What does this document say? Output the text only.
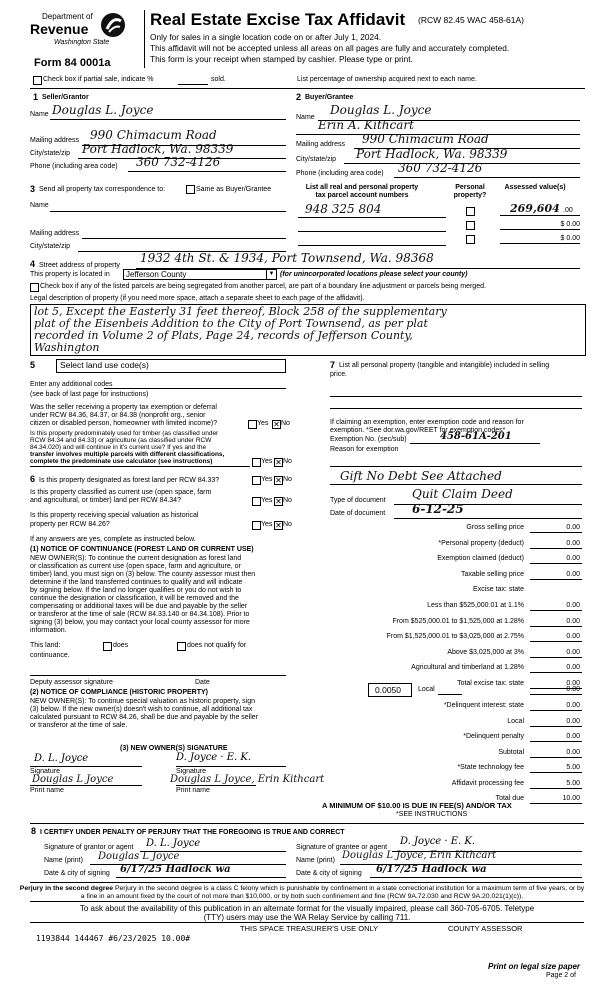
Department of
Revenue
Washington State
Form 84 0001a
Real Estate Excise Tax Affidavit (RCW 82.45 WAC 458-61A)
Only for sales in a single location code on or after July 1, 2024.
This affidavit will not be accepted unless all areas on all pages are fully and accurately completed.
This form is your receipt when stamped by cashier. Please type or print.
Check box if partial sale, indicate %	sold.	List percentage of ownership acquired next to each name.
1 Seller/Grantor
Name Douglas L. Joyce
Mailing address 990 Chimacum Road
City/state/zip Port Hadlock, Wa. 98339
Phone (including area code) 360 732-4126
2 Buyer/Grantee
Name
Douglas L. Joyce
Erin A. Kithcart
Mailing address 990 Chimacum Road
City/state/zip Port Hadlock, Wa. 98339
Phone (including area code) 360 732-4126
3 Send all property tax correspondence to:	Same as Buyer/Grantee
Name
Mailing address
City/state/zip
List all real and personal property tax parcel account numbers
Personal property?
Assessed value(s)
948 325 804	269,604 .00
$ 0.00
$ 0.00
4 Street address of property
1932 4th St. & 1934, Port Townsend, Wa. 98368
This property is located in Jefferson County	▼ (for unincorporated locations please select your county)
Check box if any of the listed parcels are being segregated from another parcel, are part of a boundary line adjustment or parcels being merged.
Legal description of property (if you need more space, attach a separate sheet to each page of the affidavit).
lot 5, Except the Easterly 31 feet thereof, Block 258 of the supplementary
plat of the Eisenbeis Addition to the City of Port Townsend, as per plat
recorded in Volume 2 of Plats, Page 24, records of Jefferson County,
Washington
5	Select land use code(s)
Enter any additional codes
(see back of last page for instructions)
Was the seller receiving a property tax exemption or deferral
under RCW 84.36, 84.37, or 84.38 (nonprofit org., senior
citizen or disabled person, homeowner with limited income)?	Yes ✕ No
Is this property predominately used for timber (as classified under
RCW 84.34 and 84.33) or agriculture (as classified under RCW
84.34.020) and will continue in it's current use? If yes and the
transfer involves multiple parcels with different classifications,
complete the predominate use calculator (see instructions)	Yes ✕ No
6 Is this property designated as forest land per RCW 84.33?	Yes ✕ No
Is this property classified as current use (open space, farm
and agricultural, or timber) land per RCW 84.34?	Yes ✕ No
Is this property receiving special valuation as historical
property per RCW 84.26?	Yes ✕ No
If any answers are yes, complete as instructed below.
(1) NOTICE OF CONTINUANCE (FOREST LAND OR CURRENT USE)
NEW OWNER(S): To continue the current designation as forest land
or classification as current use (open space, farm and agriculture, or
timber) land, you must sign on (3) below. The county assessor must then
determine if the land transferred continues to qualify and will indicate
by signing below. If the land no longer qualifies or you do not wish to
continue the designation or classification, it will be removed and the
compensating or additional taxes will be due and payable by the seller
or transferor at the time of sale (RCW 84.33.140 or 84.34.108). Prior to
signing (3) below, you may contact your local county assessor for more
information.
This land:	does	does not qualify for
continuance.
Deputy assessor signature	Date
(2) NOTICE OF COMPLIANCE (HISTORIC PROPERTY)
NEW OWNER(S): To continue special valuation as historic property, sign
(3) below. If the new owner(s) doesn't wish to continue, all additional tax
calculated pursuant to RCW 84.26, shall be due and payable by the seller
or transferor at the time of sale.
(3) NEW OWNER(S) SIGNATURE
D. L. Joyce	D. Joyce · E. K.
Signature	Signature
Douglas L Joyce	Douglas L Joyce, Erin Kithcart
Print name	Print name
7 List all personal property (tangible and intangible) included in selling
price.
If claiming an exemption, enter exemption code and reason for
exemption. *See dor.wa.gov/REET for exemption codes*
Exemption No. (sec/sub)	458-61A-201
Reason for exemption
Gift No Debt See Attached
Type of document Quit Claim Deed
Date of document 6-12-25
Gross selling price	0.00
*Personal property (deduct)	0.00
Exemption claimed (deduct)	0.00
Taxable selling price	0.00
Excise tax: state
Less than $525,000.01 at 1.1%	0.00
From $525,000.01 to $1,525,000 at 1.28%	0.00
From $1,525,000.01 to $3,025,000 at 2.75%	0.00
Above $3,025,000 at 3%	0.00
Agricultural and timberland at 1.28%	0.00
Total excise tax: state	0.00
0.0050 Local	0.00
*Delinquent interest: state	0.00
Local	0.00
*Delinquent penalty	0.00
Subtotal	0.00
*State technology fee	5.00
Affidavit processing fee	5.00
Total due	10.00
A MINIMUM OF $10.00 IS DUE IN FEE(S) AND/OR TAX
*SEE INSTRUCTIONS
8 I CERTIFY UNDER PENALTY OF PERJURY THAT THE FOREGOING IS TRUE AND CORRECT
Signature of grantor or agent D. L. Joyce
Name (print) Douglas L Joyce
Date & city of signing 6/17/25 Hadlock wa
Signature of grantee or agent
D. Joyce · E. K.
Name (print) Douglas L Joyce, Erin Kithcart
Date & city of signing 6/17/25 Hadlock wa
Perjury in the second degree Perjury in the second degree is a class C felony which is punishable by confinement in a state correctional institution for a maximum term of five years, or by
a fine in an amount fixed by the court of not more than $10,000, or by both such confinement and fine (RCW 9A.72.030 and RCW 9A.20.021(1)(c)).
To ask about the availability of this publication in an alternate format for the visually impaired, please call 360-705-6705. Teletype
(TTY) users may use the WA Relay Service by calling 711.
1193844 144467 #6/23/2025 10.00#
THIS SPACE TREASURER'S USE ONLY	COUNTY ASSESSOR
Print on legal size paper
Page 2 of
